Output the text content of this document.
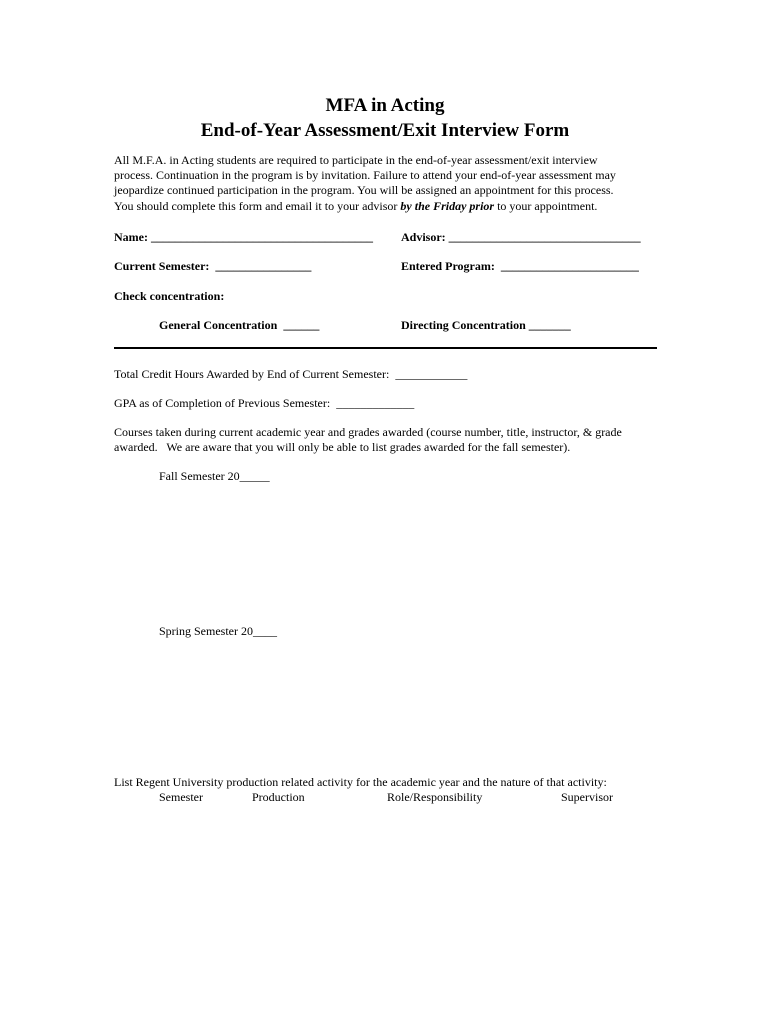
MFA in Acting
End-of-Year Assessment/Exit Interview Form
All M.F.A. in Acting students are required to participate in the end-of-year assessment/exit interview
process. Continuation in the program is by invitation. Failure to attend your end-of-year assessment may
jeopardize continued participation in the program. You will be assigned an appointment for this process.
You should complete this form and email it to your advisor by the Friday prior to your appointment.
Name: _____________________________________ Advisor: ________________________________
Current Semester:  ________________	Entered Program:  _______________________
Check concentration:
General Concentration  ______	Directing Concentration _______
Total Credit Hours Awarded by End of Current Semester:  ____________
GPA as of Completion of Previous Semester:  _____________
Courses taken during current academic year and grades awarded (course number, title, instructor, & grade
awarded.   We are aware that you will only be able to list grades awarded for the fall semester).
Fall Semester 20_____
Spring Semester 20____
List Regent University production related activity for the academic year and the nature of that activity:
Semester	Production	Role/Responsibility	Supervisor
